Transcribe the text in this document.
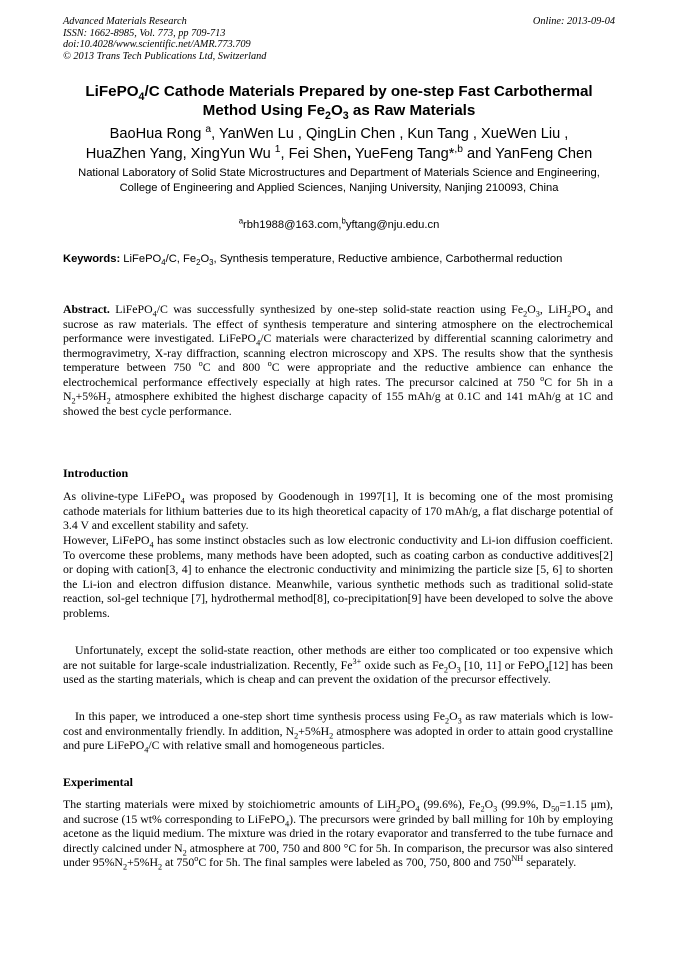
Advanced Materials Research
ISSN: 1662-8985, Vol. 773, pp 709-713
doi:10.4028/www.scientific.net/AMR.773.709
© 2013 Trans Tech Publications Ltd, Switzerland
Online: 2013-09-04
LiFePO$_4$/C Cathode Materials Prepared by one-step Fast Carbothermal
Method Using $Fe_2O_3$ as Raw Materials
BaoHua Rong $^a$, YanWen Lu , QingLin Chen , Kun Tang , XueWen Liu ,
HuaZhen Yang, XingYun Wu $^1$, Fei Shen, YueFeng Tang*$^{,b}$ and YanFeng Chen
National Laboratory of Solid State Microstructures and Department of Materials Science and Engineering, College of Engineering and Applied Sciences, Nanjing University, Nanjing 210093, China
$^a$rbh1988@163.com,$^b$yftang@nju.edu.cn
Keywords: LiFePO$_4$/C, $Fe_2O_3$, Synthesis temperature, Reductive ambience, Carbothermal reduction
Abstract. LiFePO$_4$/C was successfully synthesized by one-step solid-state reaction using $Fe_2O_3$, $LiH_2PO_4$ and sucrose as raw materials. The effect of synthesis temperature and sintering atmosphere on the electrochemical performance were investigated. LiFePO$_4$/C materials were characterized by differential scanning calorimetry and thermogravimetry, X-ray diffraction, scanning electron microscopy and XPS. The results show that the synthesis temperature between 750 $^o$C and 800 $^o$C were appropriate and the reductive ambience can enhance the electrochemical performance effectively especially at high rates. The precursor calcined at 750 $^o$C for 5h in a $N_2+5\%H_2$ atmosphere exhibited the highest discharge capacity of 155 mAh/g at 0.1C and 141 mAh/g at 1C and showed the best cycle performance.
Introduction

As olivine-type LiFePO$_4$ was proposed by Goodenough in 1997[1], It is becoming one of the most promising cathode materials for lithium batteries due to its high theoretical capacity of 170 mAh/g, a flat discharge potential of 3.4 V and excellent stability and safety.

However, LiFePO$_4$ has some instinct obstacles such as low electronic conductivity and Li-ion diffusion coefficient. To overcome these problems, many methods have been adopted, such as coating carbon as conductive additives[2] or doping with cation[3, 4] to enhance the electronic conductivity and minimizing the particle size [5, 6] to shorten the Li-ion and electron diffusion distance. Meanwhile, various synthetic methods such as traditional solid-state reaction, sol-gel technique [7], hydrothermal method[8], co-precipitation[9] have been developed to solve the above problems.

Unfortunately, except the solid-state reaction, other methods are either too complicated or too expensive which are not suitable for large-scale industrialization. Recently, $Fe^{3+}$ oxide such as $Fe_2O_3$ [10, 11] or FePO$_4$[12] has been used as the starting materials, which is cheap and can prevent the oxidation of the precursor effectively.

In this paper, we introduced a one-step short time synthesis process using $Fe_2O_3$ as raw materials which is low-cost and environmentally friendly. In addition, $N_2+5\%H_2$ atmosphere was adopted in order to attain good crystalline and pure LiFePO$_4$/C with relative small and homogeneous particles.

Experimental

The starting materials were mixed by stoichiometric amounts of $LiH_2PO_4$ (99.6%), $Fe_2O_3$ (99.9%, $D_{50}=1.15$ μm), and sucrose (15 wt% corresponding to LiFePO$_4$). The precursors were grinded by ball milling for 10h by employing acetone as the liquid medium. The mixture was dried in the rotary evaporator and transferred to the tube furnace and directly calcined under $N_2$ atmosphere at 700, 750 and 800 °C for 5h. In comparison, the precursor was also sintered under $95\%N_2+5\%H_2$ at 750$^o$C for 5h. The final samples were labeled as 700, 750, 800 and $750^{NH}$ separately.
